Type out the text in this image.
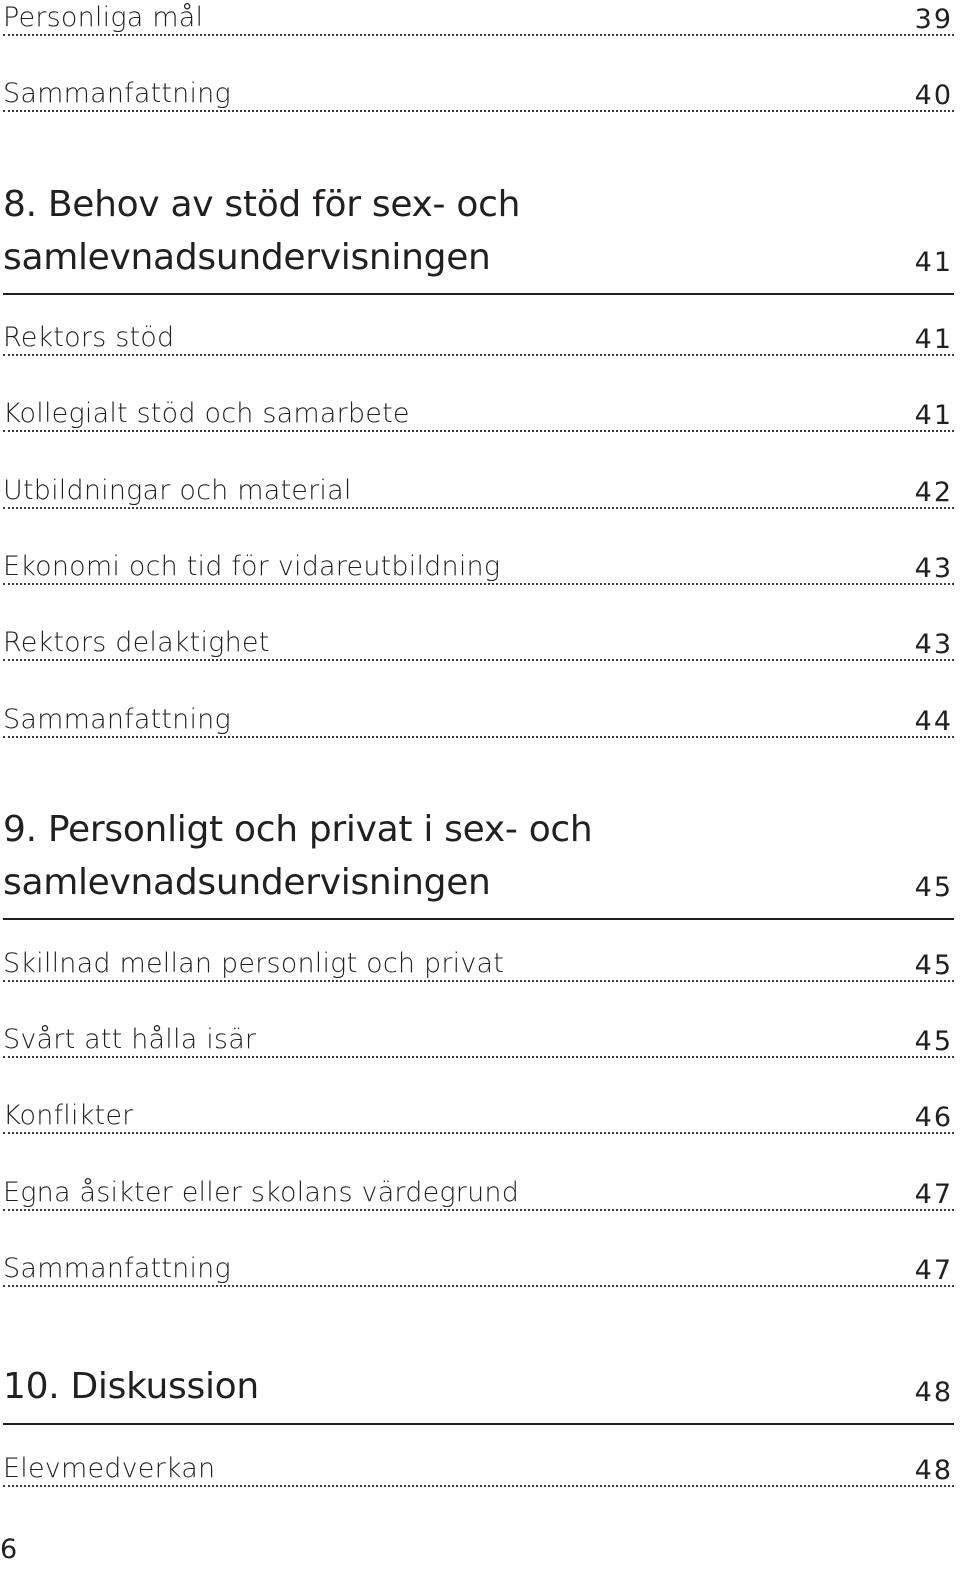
Personliga mål	39
Sammanfattning	40
8. Behov av stöd för sex- och
samlevnadsundervisningen	41
Rektors stöd	41
Kollegialt stöd och samarbete	41
Utbildningar och material	42
Ekonomi och tid för vidareutbildning	43
Rektors delaktighet	43
Sammanfattning	44
9. Personligt och privat i sex- och
samlevnadsundervisningen	45
Skillnad mellan personligt och privat	45
Svårt att hålla isär	45
Konflikter	46
Egna åsikter eller skolans värdegrund	47
Sammanfattning	47
10. Diskussion	48
Elevmedverkan	48
6
